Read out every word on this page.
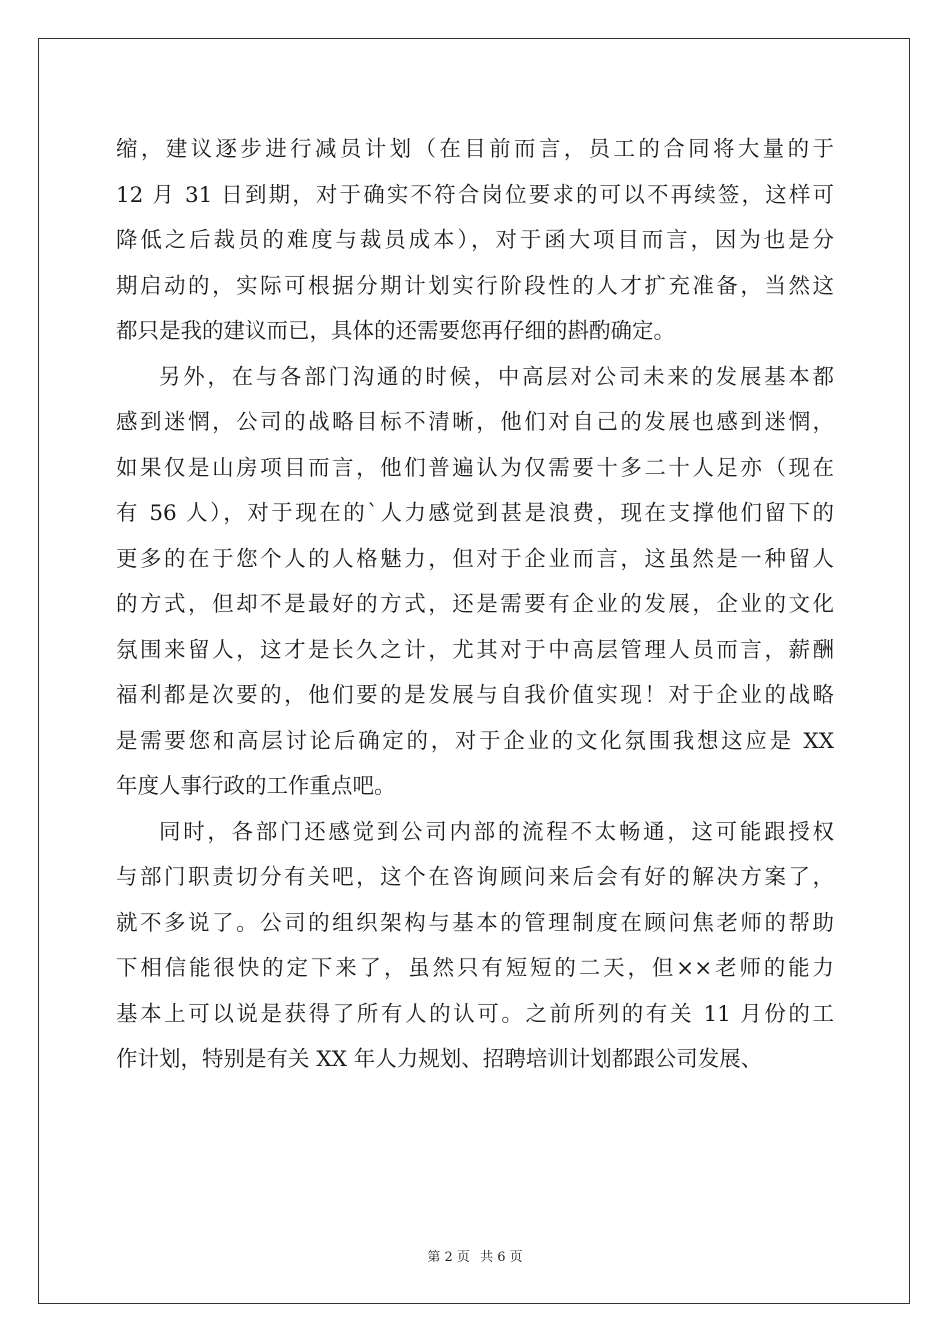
缩，建议逐步进行减员计划（在目前而言，员工的合同将大量的于
12 月 31 日到期，对于确实不符合岗位要求的可以不再续签，这样可
降低之后裁员的难度与裁员成本），对于函大项目而言，因为也是分
期启动的，实际可根据分期计划实行阶段性的人才扩充准备，当然这
都只是我的建议而已，具体的还需要您再仔细的斟酌确定。

另外，在与各部门沟通的时候，中高层对公司未来的发展基本都
感到迷惘，公司的战略目标不清晰，他们对自己的发展也感到迷惘，
如果仅是山房项目而言，他们普遍认为仅需要十多二十人足亦（现在
有 56 人），对于现在的`人力感觉到甚是浪费，现在支撑他们留下的
更多的在于您个人的人格魅力，但对于企业而言，这虽然是一种留人
的方式，但却不是最好的方式，还是需要有企业的发展，企业的文化
氛围来留人，这才是长久之计，尤其对于中高层管理人员而言，薪酬
福利都是次要的，他们要的是发展与自我价值实现！对于企业的战略
是需要您和高层讨论后确定的，对于企业的文化氛围我想这应是 XX
年度人事行政的工作重点吧。

同时，各部门还感觉到公司内部的流程不太畅通，这可能跟授权
与部门职责切分有关吧，这个在咨询顾问来后会有好的解决方案了，
就不多说了。公司的组织架构与基本的管理制度在顾问焦老师的帮助
下相信能很快的定下来了，虽然只有短短的二天，但××老师的能力
基本上可以说是获得了所有人的认可。之前所列的有关 11 月份的工
作计划，特别是有关 XX 年人力规划、招聘培训计划都跟公司发展、

第 2 页 共 6 页
